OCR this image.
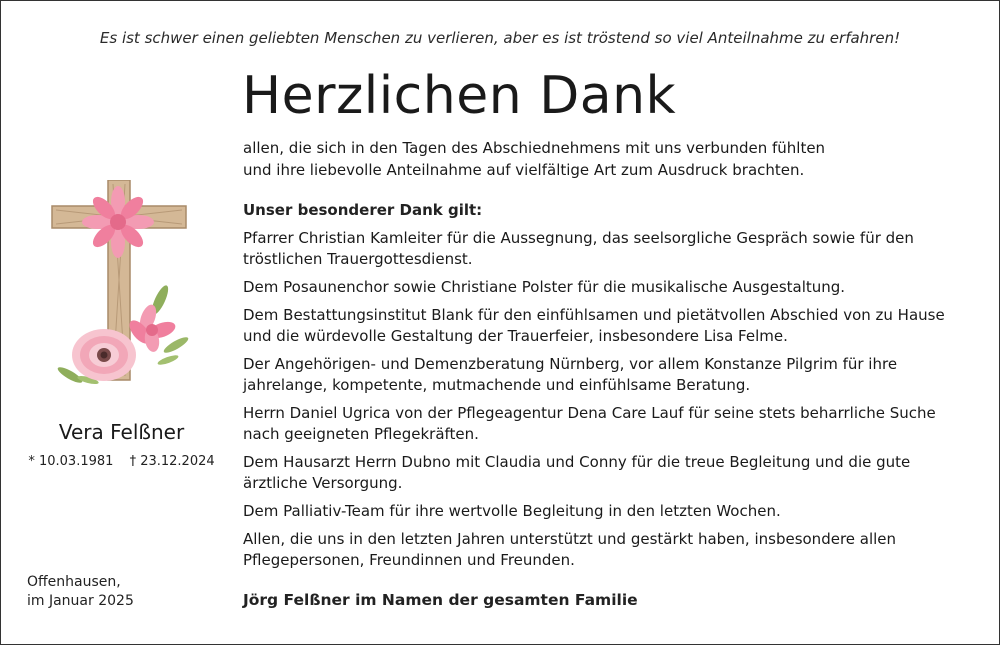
Es ist schwer einen geliebten Menschen zu verlieren, aber es ist tröstend so viel Anteilnahme zu erfahren!
Herzlichen Dank
allen, die sich in den Tagen des Abschiednehmens mit uns verbunden fühlten
und ihre liebevolle Anteilnahme auf vielfältige Art zum Ausdruck brachten.
Unser besonderer Dank gilt:
Pfarrer Christian Kamleiter für die Aussegnung, das seelsorgliche Gespräch sowie für den
tröstlichen Trauergottesdienst.
Dem Posaunenchor sowie Christiane Polster für die musikalische Ausgestaltung.
Dem Bestattungsinstitut Blank für den einfühlsamen und pietätvollen Abschied von zu Hause
und die würdevolle Gestaltung der Trauerfeier, insbesondere Lisa Felme.
Der Angehörigen- und Demenzberatung Nürnberg, vor allem Konstanze Pilgrim für ihre
jahrelange, kompetente, mutmachende und einfühlsame Beratung.
Herrn Daniel Ugrica von der Pflegeagentur Dena Care Lauf für seine stets beharrliche Suche
nach geeigneten Pflegekräften.
Dem Hausarzt Herrn Dubno mit Claudia und Conny für die treue Begleitung und die gute
ärztliche Versorgung.
Dem Palliativ-Team für ihre wertvolle Begleitung in den letzten Wochen.
Allen, die uns in den letzten Jahren unterstützt und gestärkt haben, insbesondere allen
Pflegepersonen, Freundinnen und Freunden.
Jörg Felßner im Namen der gesamten Familie
Vera Felßner
* 10.03.1981 † 23.12.2024
Offenhausen,
im Januar 2025
